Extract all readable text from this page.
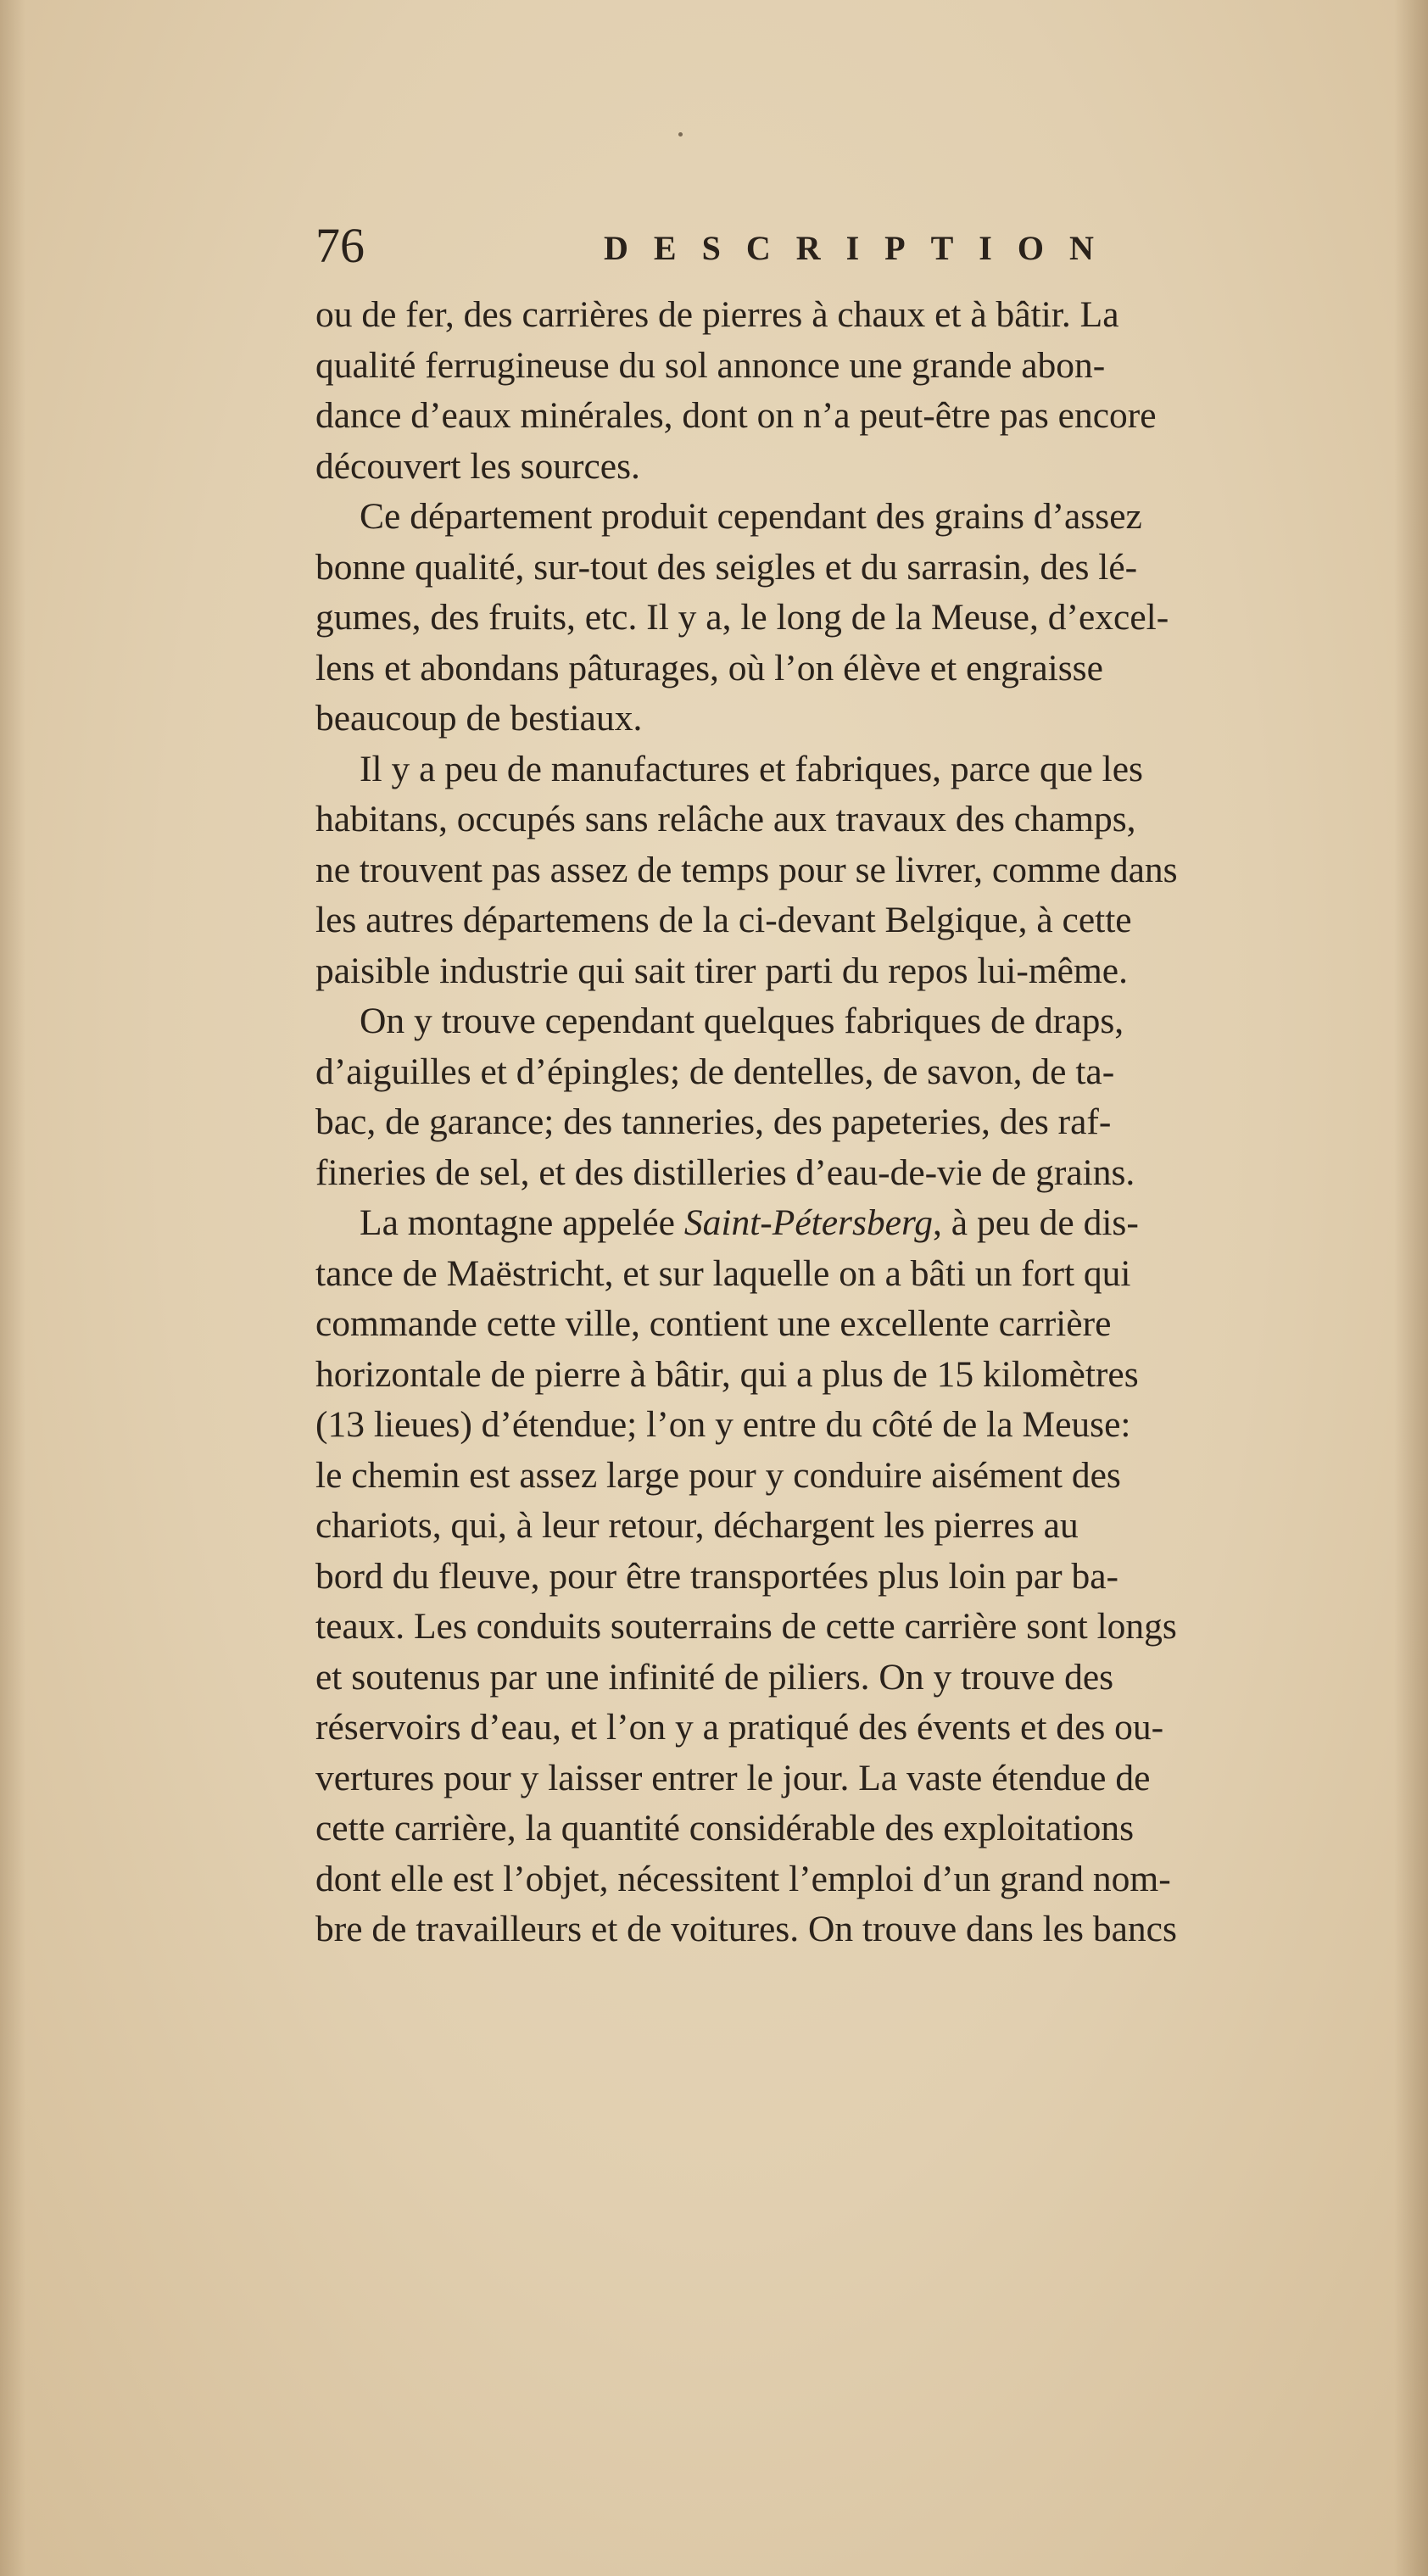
76	DESCRIPTION
ou de fer, des carrières de pierres à chaux et à bâtir. La
qualité ferrugineuse du sol annonce une grande abon-
dance d’eaux minérales, dont on n’a peut-être pas encore
découvert les sources.
Ce département produit cependant des grains d’assez
bonne qualité, sur-tout des seigles et du sarrasin, des lé-
gumes, des fruits, etc. Il y a, le long de la Meuse, d’excel-
lens et abondans pâturages, où l’on élève et engraisse
beaucoup de bestiaux.
Il y a peu de manufactures et fabriques, parce que les
habitans, occupés sans relâche aux travaux des champs,
ne trouvent pas assez de temps pour se livrer, comme dans
les autres départemens de la ci-devant Belgique, à cette
paisible industrie qui sait tirer parti du repos lui-même.
On y trouve cependant quelques fabriques de draps,
d’aiguilles et d’épingles; de dentelles, de savon, de ta-
bac, de garance; des tanneries, des papeteries, des raf-
fineries de sel, et des distilleries d’eau-de-vie de grains.
La montagne appelée Saint-Pétersberg, à peu de dis-
tance de Maëstricht, et sur laquelle on a bâti un fort qui
commande cette ville, contient une excellente carrière
horizontale de pierre à bâtir, qui a plus de 15 kilomètres
(13 lieues) d’étendue; l’on y entre du côté de la Meuse:
le chemin est assez large pour y conduire aisément des
chariots, qui, à leur retour, déchargent les pierres au
bord du fleuve, pour être transportées plus loin par ba-
teaux. Les conduits souterrains de cette carrière sont longs
et soutenus par une infinité de piliers. On y trouve des
réservoirs d’eau, et l’on y a pratiqué des évents et des ou-
vertures pour y laisser entrer le jour. La vaste étendue de
cette carrière, la quantité considérable des exploitations
dont elle est l’objet, nécessitent l’emploi d’un grand nom-
bre de travailleurs et de voitures. On trouve dans les bancs
